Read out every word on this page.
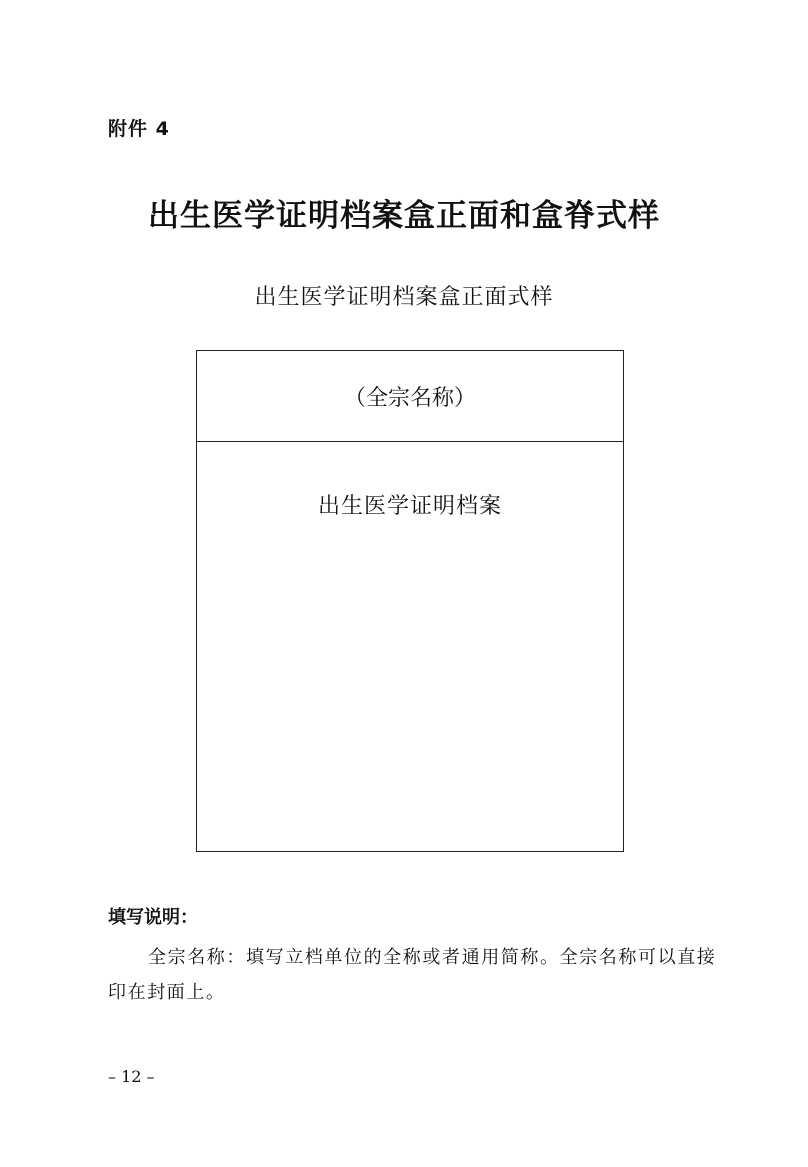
附件 4
出生医学证明档案盒正面和盒脊式样
出生医学证明档案盒正面式样
（全宗名称）
出生医学证明档案
填写说明：
全宗名称：填写立档单位的全称或者通用简称。全宗名称可以直接印在封面上。
– 12 –
